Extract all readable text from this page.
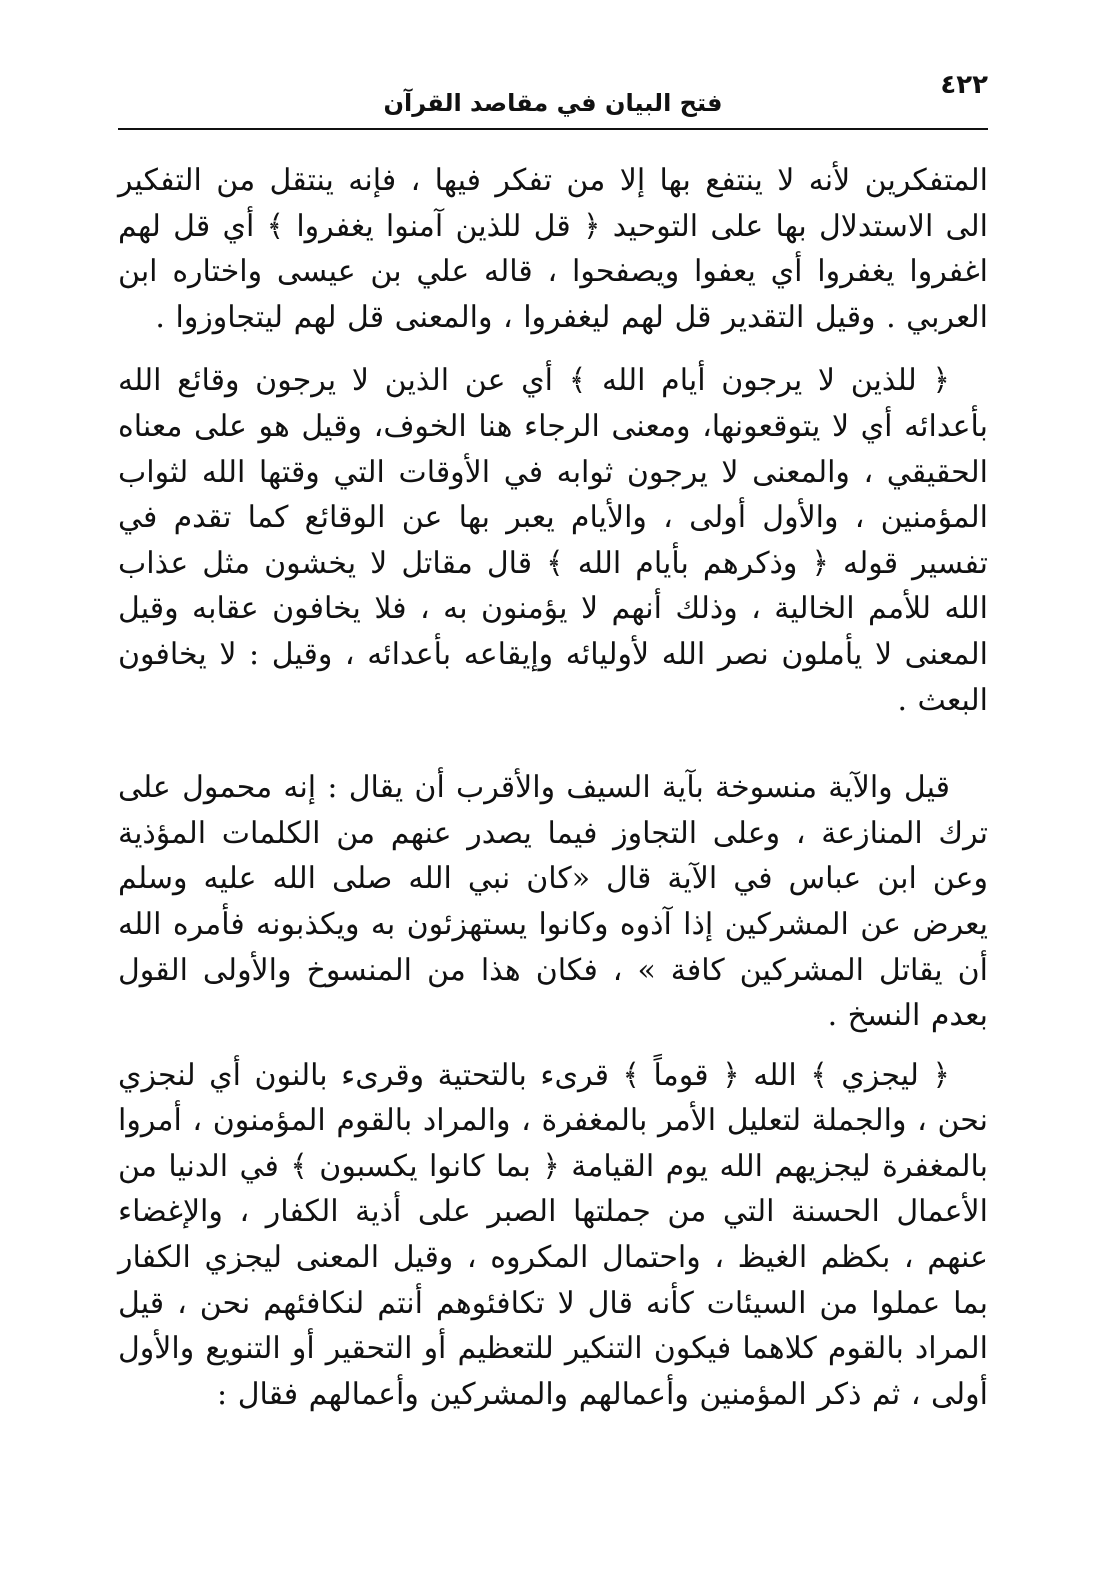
٤٢٢
فتح البيان في مقاصد القرآن

المتفكرين لأنه لا ينتفع بها إلا من تفكر فيها ، فإنه ينتقل من التفكير الى الاستدلال بها على التوحيد ﴿ قل للذين آمنوا يغفروا ﴾ أي قل لهم اغفروا يغفروا أي يعفوا ويصفحوا ، قاله علي بن عيسى واختاره ابن العربي . وقيل التقدير قل لهم ليغفروا ، والمعنى قل لهم ليتجاوزوا .

﴿ للذين لا يرجون أيام الله ﴾ أي عن الذين لا يرجون وقائع الله بأعدائه أي لا يتوقعونها، ومعنى الرجاء هنا الخوف، وقيل هو على معناه الحقيقي ، والمعنى لا يرجون ثوابه في الأوقات التي وقتها الله لثواب المؤمنين ، والأول أولى ، والأيام يعبر بها عن الوقائع كما تقدم في تفسير قوله ﴿ وذكرهم بأيام الله ﴾ قال مقاتل لا يخشون مثل عذاب الله للأمم الخالية ، وذلك أنهم لا يؤمنون به ، فلا يخافون عقابه وقيل المعنى لا يأملون نصر الله لأوليائه وإيقاعه بأعدائه ، وقيل : لا يخافون البعث .

قيل والآية منسوخة بآية السيف والأقرب أن يقال : إنه محمول على ترك المنازعة ، وعلى التجاوز فيما يصدر عنهم من الكلمات المؤذية وعن ابن عباس في الآية قال «كان نبي الله صلى الله عليه وسلم يعرض عن المشركين إذا آذوه وكانوا يستهزئون به ويكذبونه فأمره الله أن يقاتل المشركين كافة » ، فكان هذا من المنسوخ والأولى القول بعدم النسخ .

﴿ ليجزي ﴾ الله ﴿ قوماً ﴾ قرىء بالتحتية وقرىء بالنون أي لنجزي نحن ، والجملة لتعليل الأمر بالمغفرة ، والمراد بالقوم المؤمنون ، أمروا بالمغفرة ليجزيهم الله يوم القيامة ﴿ بما كانوا يكسبون ﴾ في الدنيا من الأعمال الحسنة التي من جملتها الصبر على أذية الكفار ، والإغضاء عنهم ، بكظم الغيظ ، واحتمال المكروه ، وقيل المعنى ليجزي الكفار بما عملوا من السيئات كأنه قال لا تكافئوهم أنتم لنكافئهم نحن ، قيل المراد بالقوم كلاهما فيكون التنكير للتعظيم أو التحقير أو التنويع والأول أولى ، ثم ذكر المؤمنين وأعمالهم والمشركين وأعمالهم فقال :
